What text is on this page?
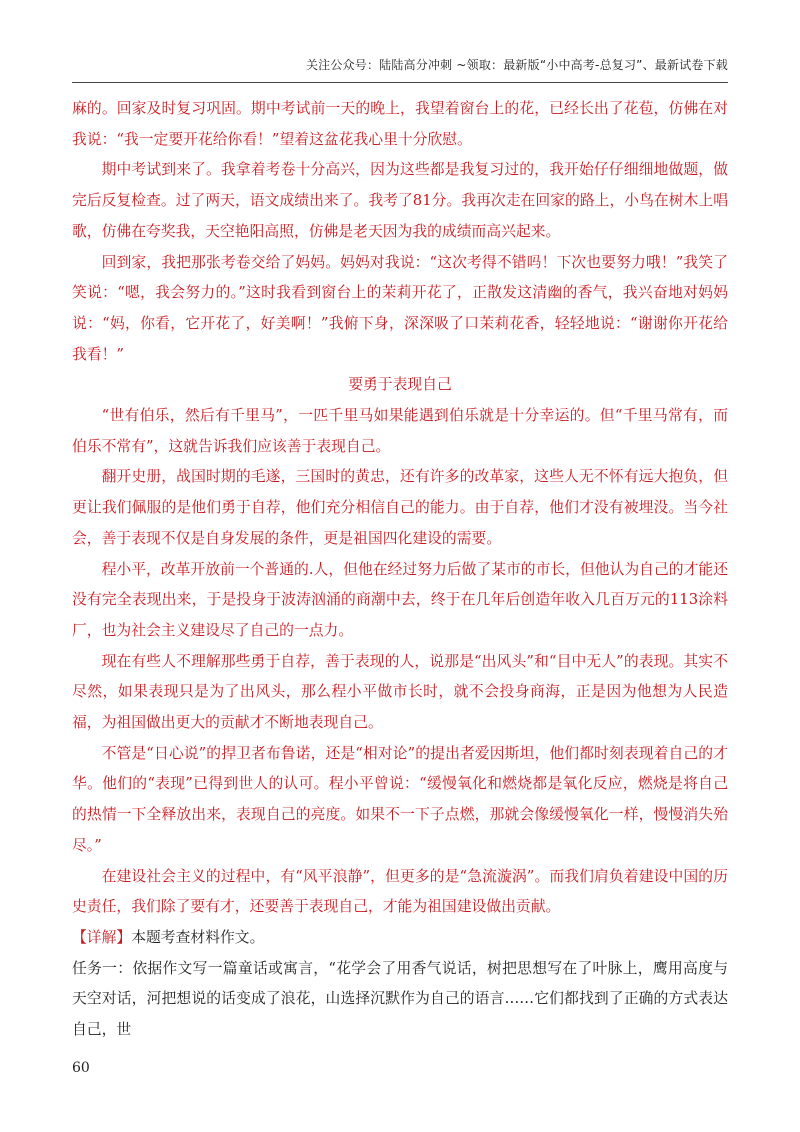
关注公众号：陆陆高分冲刺 ~领取：最新版“小中高考-总复习”、最新试卷下载

麻的。回家及时复习巩固。期中考试前一天的晚上，我望着窗台上的花，已经长出了花苞，仿佛在对我说：“我一定要开花给你看！”望着这盆花我心里十分欣慰。

期中考试到来了。我拿着考卷十分高兴，因为这些都是我复习过的，我开始仔仔细细地做题，做完后反复检查。过了两天，语文成绩出来了。我考了81分。我再次走在回家的路上，小鸟在树木上唱歌，仿佛在夸奖我，天空艳阳高照，仿佛是老天因为我的成绩而高兴起来。

回到家，我把那张考卷交给了妈妈。妈妈对我说：“这次考得不错吗！下次也要努力哦！”我笑了笑说：“嗯，我会努力的。”这时我看到窗台上的茉莉开花了，正散发这清幽的香气，我兴奋地对妈妈说：“妈，你看，它开花了，好美啊！”我俯下身，深深吸了口茉莉花香，轻轻地说：“谢谢你开花给我看！”

要勇于表现自己

“世有伯乐，然后有千里马”，一匹千里马如果能遇到伯乐就是十分幸运的。但“千里马常有，而伯乐不常有”，这就告诉我们应该善于表现自己。

翻开史册，战国时期的毛遂，三国时的黄忠，还有许多的改革家，这些人无不怀有远大抱负，但更让我们佩服的是他们勇于自荐，他们充分相信自己的能力。由于自荐，他们才没有被埋没。当今社会，善于表现不仅是自身发展的条件，更是祖国四化建设的需要。

程小平，改革开放前一个普通的.人，但他在经过努力后做了某市的市长，但他认为自己的才能还没有完全表现出来，于是投身于波涛汹涌的商潮中去，终于在几年后创造年收入几百万元的113涂料厂，也为社会主义建设尽了自己的一点力。

现在有些人不理解那些勇于自荐，善于表现的人，说那是“出风头”和“目中无人”的表现。其实不尽然，如果表现只是为了出风头，那么程小平做市长时，就不会投身商海，正是因为他想为人民造福，为祖国做出更大的贡献才不断地表现自己。

不管是“日心说”的捍卫者布鲁诺，还是“相对论”的提出者爱因斯坦，他们都时刻表现着自己的才华。他们的“表现”已得到世人的认可。程小平曾说：“缓慢氧化和燃烧都是氧化反应，燃烧是将自己的热情一下全释放出来，表现自己的亮度。如果不一下子点燃，那就会像缓慢氧化一样，慢慢消失殆尽。”

在建设社会主义的过程中，有“风平浪静”，但更多的是“急流漩涡”。而我们肩负着建设中国的历史责任，我们除了要有才，还要善于表现自己，才能为祖国建设做出贡献。

【详解】本题考查材料作文。

任务一：依据作文写一篇童话或寓言，“花学会了用香气说话，树把思想写在了叶脉上，鹰用高度与天空对话，河把想说的话变成了浪花，山选择沉默作为自己的语言……它们都找到了正确的方式表达自己，世

60
